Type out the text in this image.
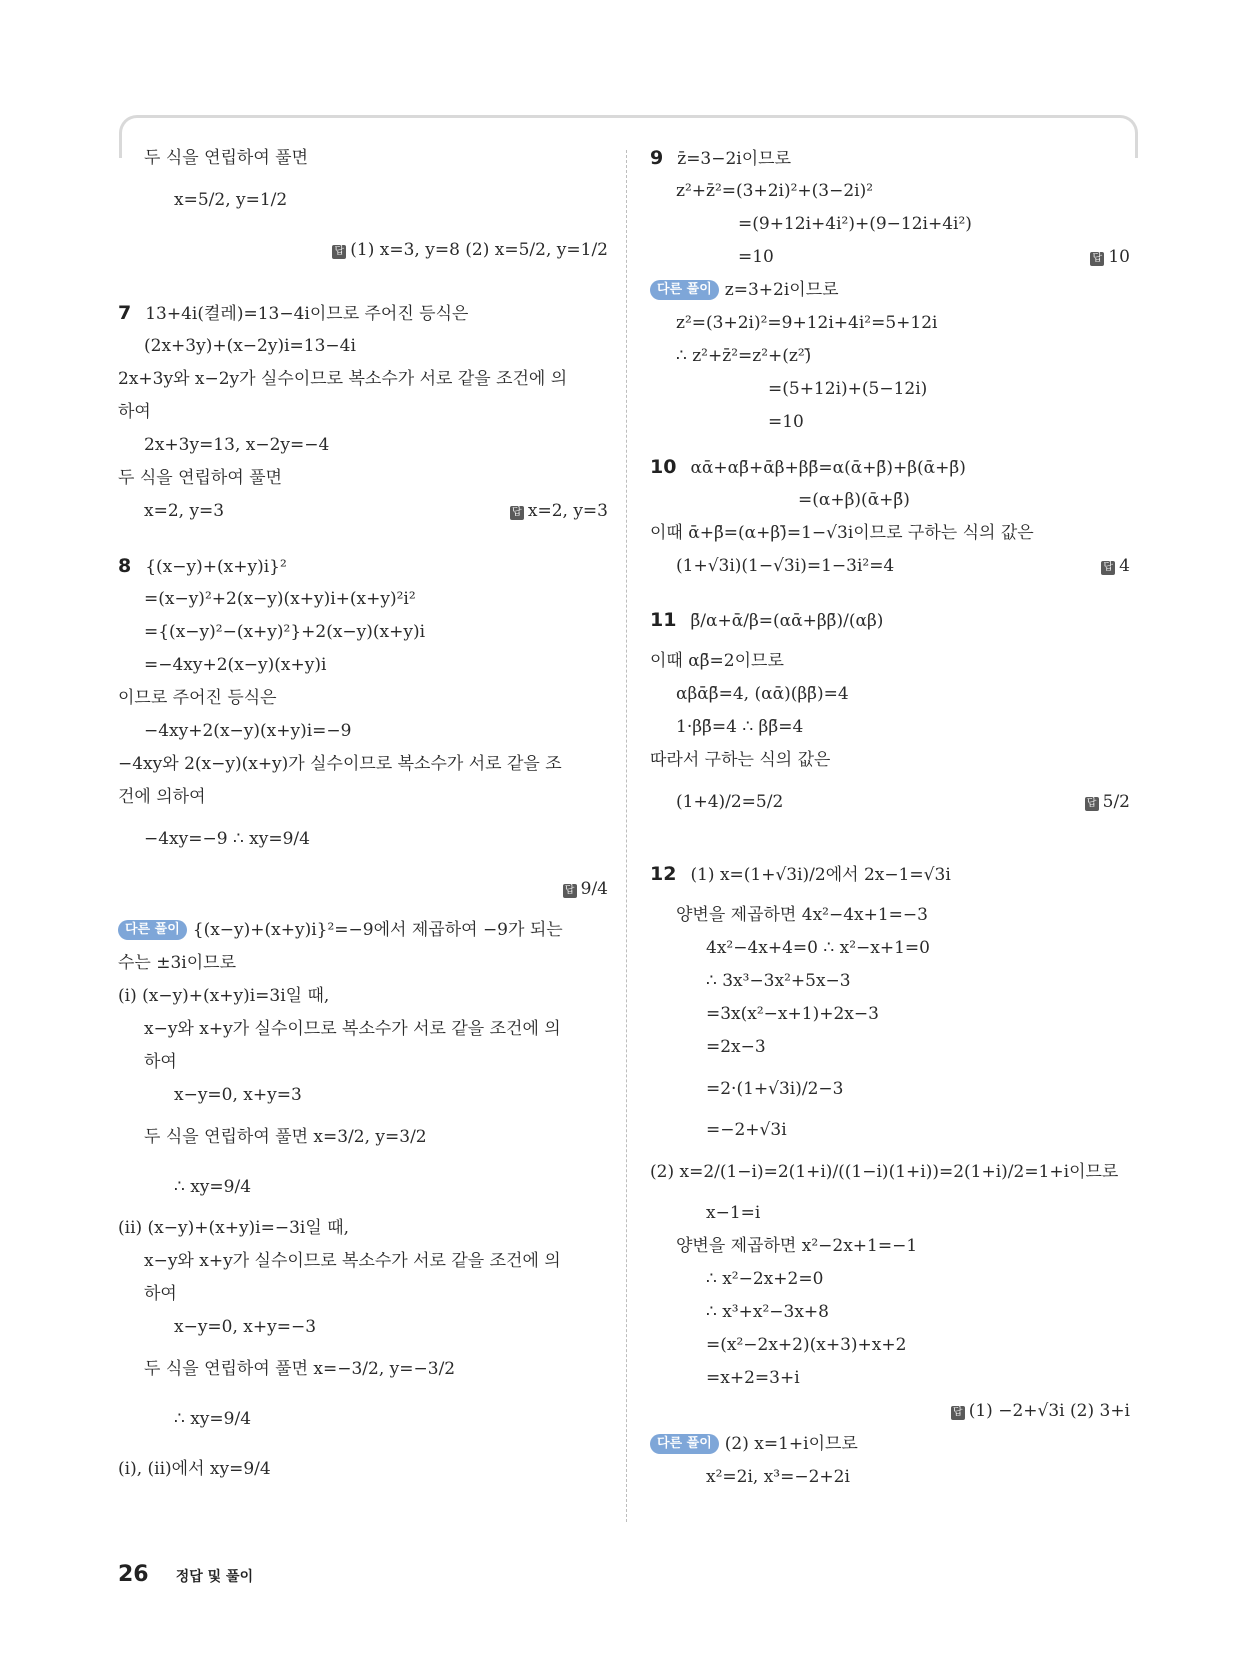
두 식을 연립하여 풀면
x=5/2, y=1/2
답 (1) x=3, y=8 (2) x=5/2, y=1/2
7 13+4i(켤레)=13−4i이므로 주어진 등식은
(2x+3y)+(x−2y)i=13−4i
2x+3y와 x−2y가 실수이므로 복소수가 서로 같을 조건에 의
하여
2x+3y=13, x−2y=−4
두 식을 연립하여 풀면
x=2, y=3	답 x=2, y=3
8 {(x−y)+(x+y)i}²
=(x−y)²+2(x−y)(x+y)i+(x+y)²i²
={(x−y)²−(x+y)²}+2(x−y)(x+y)i
=−4xy+2(x−y)(x+y)i
이므로 주어진 등식은
−4xy+2(x−y)(x+y)i=−9
−4xy와 2(x−y)(x+y)가 실수이므로 복소수가 서로 같을 조
건에 의하여
−4xy=−9 ∴ xy=9/4
답 9/4
다른 풀이 {(x−y)+(x+y)i}²=−9에서 제곱하여 −9가 되는
수는 ±3i이므로
(i) (x−y)+(x+y)i=3i일 때,
x−y와 x+y가 실수이므로 복소수가 서로 같을 조건에 의
하여
x−y=0, x+y=3
두 식을 연립하여 풀면 x=3/2, y=3/2
∴ xy=9/4
(ii) (x−y)+(x+y)i=−3i일 때,
x−y와 x+y가 실수이므로 복소수가 서로 같을 조건에 의
하여
x−y=0, x+y=−3
두 식을 연립하여 풀면 x=−3/2, y=−3/2
∴ xy=9/4
(i), (ii)에서 xy=9/4
9 z̄=3−2i이므로
z²+z̄²=(3+2i)²+(3−2i)²
=(9+12i+4i²)+(9−12i+4i²)
=10	답 10
다른 풀이 z=3+2i이므로
z²=(3+2i)²=9+12i+4i²=5+12i
∴ z²+z̄²=z²+(z²)̄
=(5+12i)+(5−12i)
=10
10 αᾱ+αβ̄+ᾱβ+ββ̄=α(ᾱ+β̄)+β(ᾱ+β̄)
=(α+β)(ᾱ+β̄)
이때 ᾱ+β̄=(α+β)̄=1−√3i이므로 구하는 식의 값은
(1+√3i)(1−√3i)=1−3i²=4	답 4
11 β̄/α+ᾱ/β=(αᾱ+ββ̄)/(αβ)
이때 αβ̄=2이므로
αβᾱβ̄=4, (αᾱ)(ββ̄)=4
1·ββ̄=4 ∴ ββ̄=4
따라서 구하는 식의 값은
(1+4)/2=5/2	답 5/2
12 (1) x=(1+√3i)/2에서 2x−1=√3i
양변을 제곱하면 4x²−4x+1=−3
4x²−4x+4=0 ∴ x²−x+1=0
∴ 3x³−3x²+5x−3
=3x(x²−x+1)+2x−3
=2x−3
=2·(1+√3i)/2−3
=−2+√3i
(2) x=2/(1−i)=2(1+i)/((1−i)(1+i))=2(1+i)/2=1+i이므로
x−1=i
양변을 제곱하면 x²−2x+1=−1
∴ x²−2x+2=0
∴ x³+x²−3x+8
=(x²−2x+2)(x+3)+x+2
=x+2=3+i
답 (1) −2+√3i (2) 3+i
다른 풀이 (2) x=1+i이므로
x²=2i, x³=−2+2i
26 정답 및 풀이
